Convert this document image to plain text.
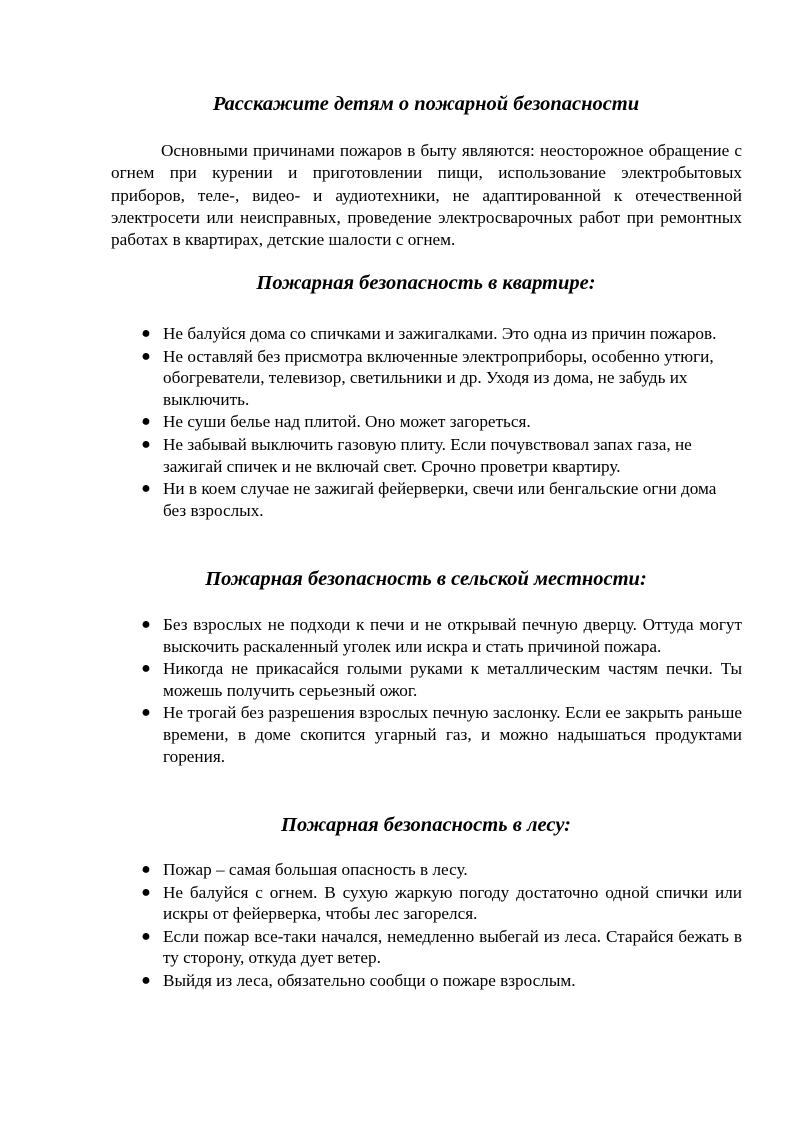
Расскажите детям о пожарной безопасности

Основными причинами пожаров в быту являются: неосторожное обращение с огнем при курении и приготовлении пищи, использование электробытовых приборов, теле-, видео- и аудиотехники, не адаптированной к отечественной электросети или неисправных, проведение электросварочных работ при ремонтных работах в квартирах, детские шалости с огнем.

Пожарная безопасность в квартире:
● Не балуйся дома со спичками и зажигалками. Это одна из причин пожаров.
● Не оставляй без присмотра включенные электроприборы, особенно утюги, обогреватели, телевизор, светильники и др. Уходя из дома, не забудь их выключить.
● Не суши белье над плитой. Оно может загореться.
● Не забывай выключить газовую плиту. Если почувствовал запах газа, не зажигай спичек и не включай свет. Срочно проветри квартиру.
● Ни в коем случае не зажигай фейерверки, свечи или бенгальские огни дома без взрослых.
Пожарная безопасность в сельской местности:
● Без взрослых не подходи к печи и не открывай печную дверцу. Оттуда могут выскочить раскаленный уголек или искра и стать причиной пожара.
● Никогда не прикасайся голыми руками к металлическим частям печки. Ты можешь получить серьезный ожог.
● Не трогай без разрешения взрослых печную заслонку. Если ее закрыть раньше времени, в доме скопится угарный газ, и можно надышаться продуктами горения.
Пожарная безопасность в лесу:
● Пожар – самая большая опасность в лесу.
● Не балуйся с огнем. В сухую жаркую погоду достаточно одной спички или искры от фейерверка, чтобы лес загорелся.
● Если пожар все-таки начался, немедленно выбегай из леса. Старайся бежать в ту сторону, откуда дует ветер.
● Выйдя из леса, обязательно сообщи о пожаре взрослым.
